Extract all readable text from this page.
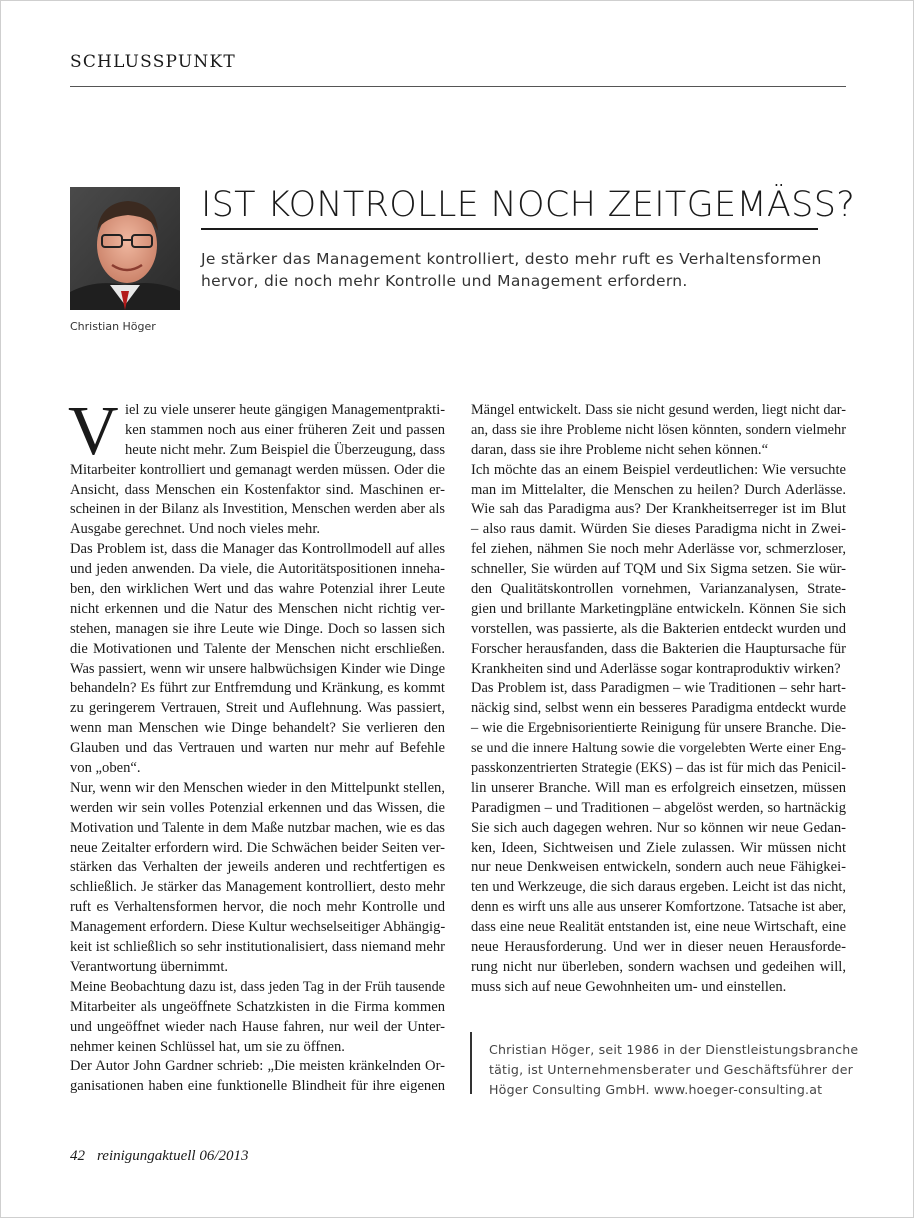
SCHLUSSPUNKT
Christian Höger
IST KONTROLLE NOCH ZEITGEMÄSS?
Je stärker das Management kontrolliert, desto mehr ruft es Verhaltensformen
hervor, die noch mehr Kontrolle und Management erfordern.
V iel zu viele unserer heute gängigen Managementprakti-
ken stammen noch aus einer früheren Zeit und passen
heute nicht mehr. Zum Beispiel die Überzeugung, dass
Mitarbeiter kontrolliert und gemanagt werden müssen. Oder die
Ansicht, dass Menschen ein Kostenfaktor sind. Maschinen er-
scheinen in der Bilanz als Investition, Menschen werden aber als
Ausgabe gerechnet. Und noch vieles mehr.
Das Problem ist, dass die Manager das Kontrollmodell auf alles
und jeden anwenden. Da viele, die Autoritätspositionen inneha-
ben, den wirklichen Wert und das wahre Potenzial ihrer Leute
nicht erkennen und die Natur des Menschen nicht richtig ver-
stehen, managen sie ihre Leute wie Dinge. Doch so lassen sich
die Motivationen und Talente der Menschen nicht erschließen.
Was passiert, wenn wir unsere halbwüchsigen Kinder wie Dinge
behandeln? Es führt zur Entfremdung und Kränkung, es kommt
zu geringerem Vertrauen, Streit und Auflehnung. Was passiert,
wenn man Menschen wie Dinge behandelt? Sie verlieren den
Glauben und das Vertrauen und warten nur mehr auf Befehle
von „oben“.
Nur, wenn wir den Menschen wieder in den Mittelpunkt stellen,
werden wir sein volles Potenzial erkennen und das Wissen, die
Motivation und Talente in dem Maße nutzbar machen, wie es das
neue Zeitalter erfordern wird. Die Schwächen beider Seiten ver-
stärken das Verhalten der jeweils anderen und rechtfertigen es
schließlich. Je stärker das Management kontrolliert, desto mehr
ruft es Verhaltensformen hervor, die noch mehr Kontrolle und
Management erfordern. Diese Kultur wechselseitiger Abhängig-
keit ist schließlich so sehr institutionalisiert, dass niemand mehr
Verantwortung übernimmt.
Meine Beobachtung dazu ist, dass jeden Tag in der Früh tausende
Mitarbeiter als ungeöffnete Schatzkisten in die Firma kommen
und ungeöffnet wieder nach Hause fahren, nur weil der Unter-
nehmer keinen Schlüssel hat, um sie zu öffnen.
Der Autor John Gardner schrieb: „Die meisten kränkelnden Or-
ganisationen haben eine funktionelle Blindheit für ihre eigenen
Mängel entwickelt. Dass sie nicht gesund werden, liegt nicht dar-
an, dass sie ihre Probleme nicht lösen könnten, sondern vielmehr
daran, dass sie ihre Probleme nicht sehen können.“
Ich möchte das an einem Beispiel verdeutlichen: Wie versuchte
man im Mittelalter, die Menschen zu heilen? Durch Aderlässe.
Wie sah das Paradigma aus? Der Krankheitserreger ist im Blut
– also raus damit. Würden Sie dieses Paradigma nicht in Zwei-
fel ziehen, nähmen Sie noch mehr Aderlässe vor, schmerzloser,
schneller, Sie würden auf TQM und Six Sigma setzen. Sie wür-
den Qualitätskontrollen vornehmen, Varianzanalysen, Strate-
gien und brillante Marketingpläne entwickeln. Können Sie sich
vorstellen, was passierte, als die Bakterien entdeckt wurden und
Forscher herausfanden, dass die Bakterien die Hauptursache für
Krankheiten sind und Aderlässe sogar kontraproduktiv wirken?
Das Problem ist, dass Paradigmen – wie Traditionen – sehr hart-
näckig sind, selbst wenn ein besseres Paradigma entdeckt wurde
– wie die Ergebnisorientierte Reinigung für unsere Branche. Die-
se und die innere Haltung sowie die vorgelebten Werte einer Eng-
passkonzentrierten Strategie (EKS) – das ist für mich das Penicil-
lin unserer Branche. Will man es erfolgreich einsetzen, müssen
Paradigmen – und Traditionen – abgelöst werden, so hartnäckig
Sie sich auch dagegen wehren. Nur so können wir neue Gedan-
ken, Ideen, Sichtweisen und Ziele zulassen. Wir müssen nicht
nur neue Denkweisen entwickeln, sondern auch neue Fähigkei-
ten und Werkzeuge, die sich daraus ergeben. Leicht ist das nicht,
denn es wirft uns alle aus unserer Komfortzone. Tatsache ist aber,
dass eine neue Realität entstanden ist, eine neue Wirtschaft, eine
neue Herausforderung. Und wer in dieser neuen Herausforde-
rung nicht nur überleben, sondern wachsen und gedeihen will,
muss sich auf neue Gewohnheiten um- und einstellen.
Christian Höger, seit 1986 in der Dienstleistungsbranche
tätig, ist Unternehmensberater und Geschäftsführer der
Höger Consulting GmbH. www.hoeger-consulting.at
42 reinigungaktuell 06/2013
